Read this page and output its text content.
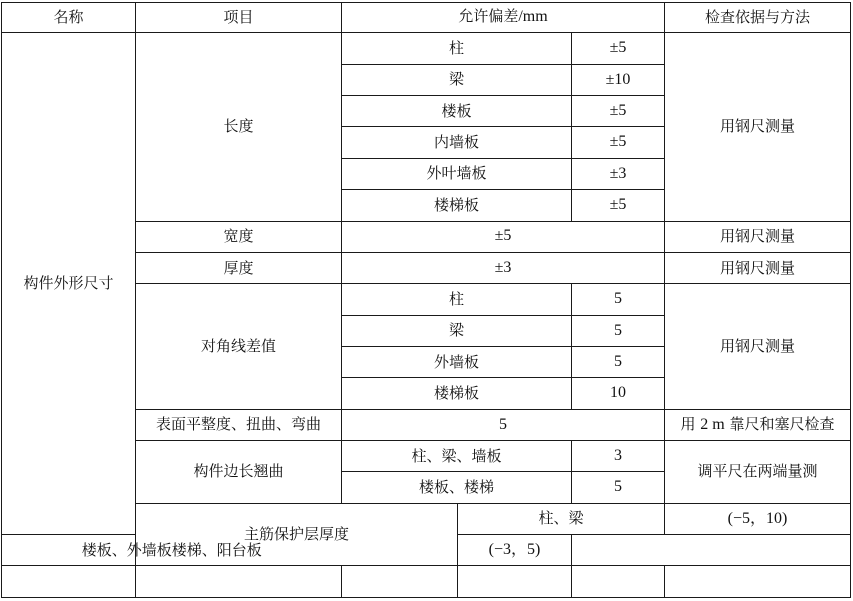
名称	项目	允许偏差/mm			检查依据与方法	
构件外形尺寸	长度	柱		±5	用钢尺测量	
		梁		±10		
		楼板		±5		
		内墙板		±5		
		外叶墙板		±3		
		楼梯板		±5		
	宽度	±5			用钢尺测量	
	厚度	±3			用钢尺测量	
	对角线差值	柱		5	用钢尺测量	
		梁		5		
		外墙板		5		
		楼梯板		10		
	表面平整度、扭曲、弯曲	5			用 2 m 靠尺和塞尺检查	
	构件边长翘曲	柱、梁、墙板		3	调平尺在两端量测	
		楼板、楼梯		5		
	主筋保护层厚度		柱、梁		(−5，10)	

楼板、外墙板楼梯、阳台板			(−3，5)			
